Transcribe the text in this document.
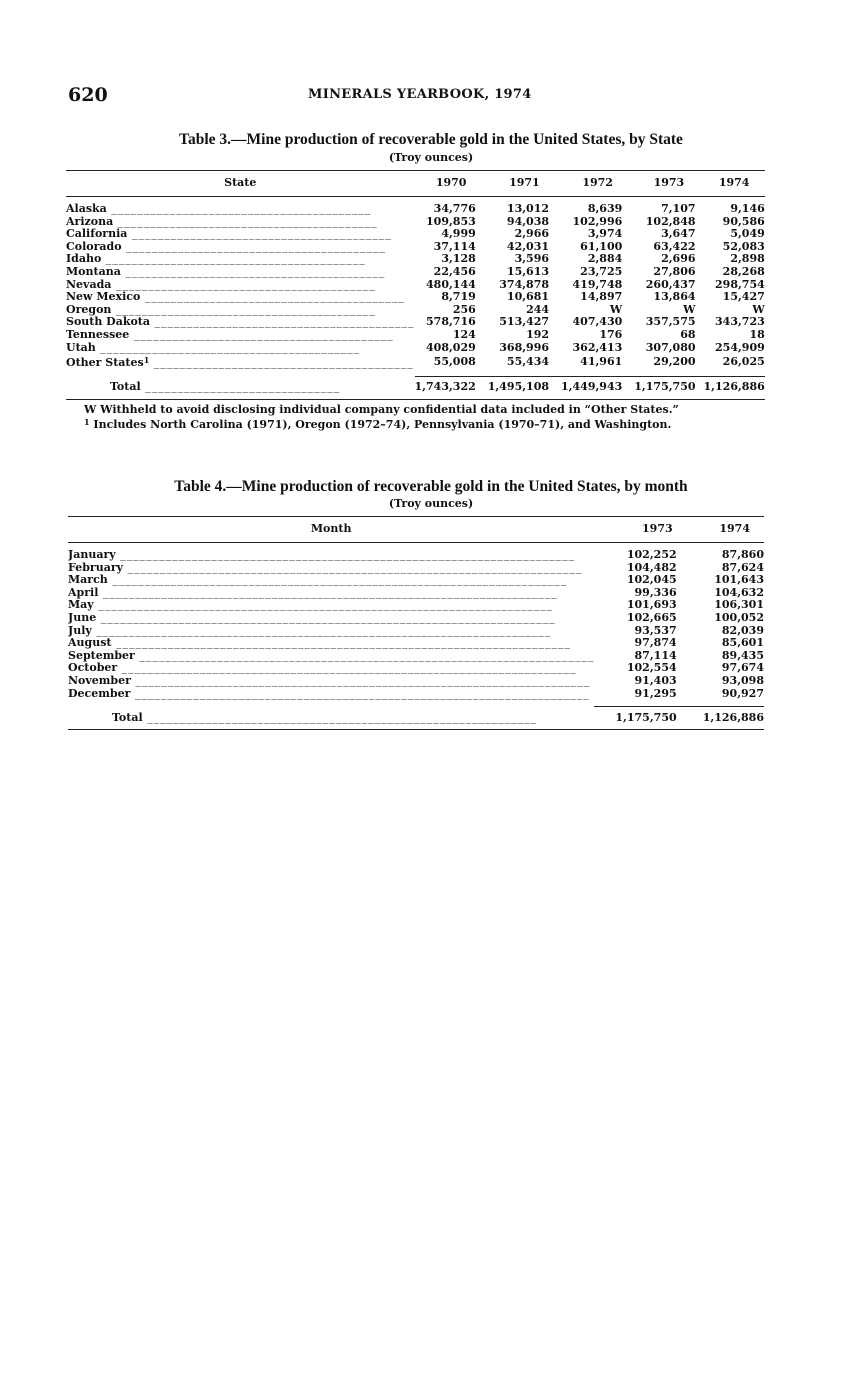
620	MINERALS YEARBOOK, 1974
Table 3.—Mine production of recoverable gold in the United States, by State
(Troy ounces)
State	1970	1971	1972	1973	1974

Alaska ________________________________________	34,776	13,012	8,639	7,107	9,146
Arizona ________________________________________	109,853	94,038	102,996	102,848	90,586
California ________________________________________	4,999	2,966	3,974	3,647	5,049
Colorado ________________________________________	37,114	42,031	61,100	63,422	52,083
Idaho ________________________________________	3,128	3,596	2,884	2,696	2,898
Montana ________________________________________	22,456	15,613	23,725	27,806	28,268
Nevada ________________________________________	480,144	374,878	419,748	260,437	298,754
New Mexico ________________________________________	8,719	10,681	14,897	13,864	15,427
Oregon ________________________________________	256	244	W	W	W
South Dakota ________________________________________	578,716	513,427	407,430	357,575	343,723
Tennessee ________________________________________	124	192	176	68	18
Utah ________________________________________	408,029	368,996	362,413	307,080	254,909
Other States$^1$ ________________________________________	55,008	55,434	41,961	29,200	26,025

Total ______________________________	1,743,322	1,495,108	1,449,943	1,175,750	1,126,886
W Withheld to avoid disclosing individual company confidential data included in “Other States.”
$^1$ Includes North Carolina (1971), Oregon (1972–74), Pennsylvania (1970–71), and Washington.
Table 4.—Mine production of recoverable gold in the United States, by month
(Troy ounces)
Month	1973	1974

January ______________________________________________________________________	102,252	87,860
February ______________________________________________________________________	104,482	87,624
March ______________________________________________________________________	102,045	101,643
April ______________________________________________________________________	99,336	104,632
May ______________________________________________________________________	101,693	106,301
June ______________________________________________________________________	102,665	100,052
July ______________________________________________________________________	93,537	82,039
August ______________________________________________________________________	97,874	85,601
September ______________________________________________________________________	87,114	89,435
October ______________________________________________________________________	102,554	97,674
November ______________________________________________________________________	91,403	93,098
December ______________________________________________________________________	91,295	90,927

Total ____________________________________________________________	1,175,750	1,126,886
